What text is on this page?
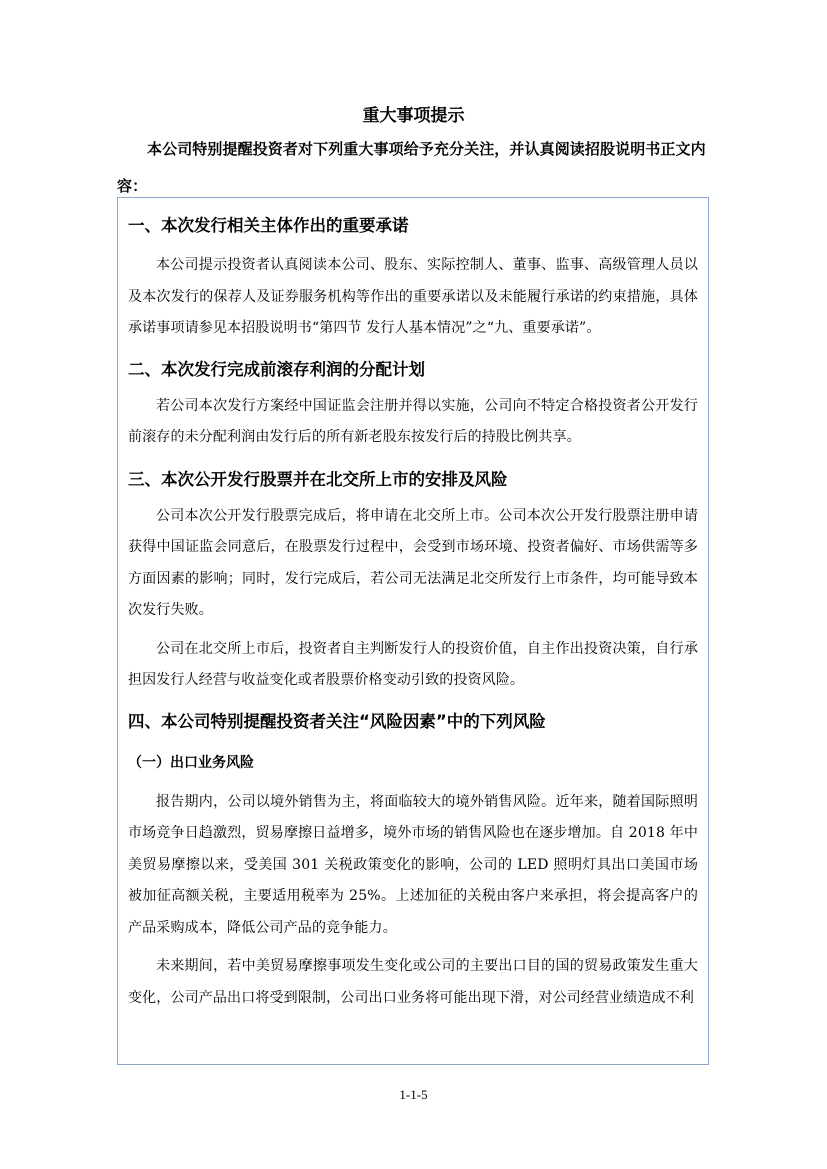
重大事项提示
本公司特别提醒投资者对下列重大事项给予充分关注，并认真阅读招股说明书正文内容：
一、本次发行相关主体作出的重要承诺
本公司提示投资者认真阅读本公司、股东、实际控制人、董事、监事、高级管理人员以及本次发行的保荐人及证券服务机构等作出的重要承诺以及未能履行承诺的约束措施，具体承诺事项请参见本招股说明书“第四节 发行人基本情况”之“九、重要承诺”。
二、本次发行完成前滚存利润的分配计划
若公司本次发行方案经中国证监会注册并得以实施，公司向不特定合格投资者公开发行前滚存的未分配利润由发行后的所有新老股东按发行后的持股比例共享。
三、本次公开发行股票并在北交所上市的安排及风险
公司本次公开发行股票完成后，将申请在北交所上市。公司本次公开发行股票注册申请获得中国证监会同意后，在股票发行过程中，会受到市场环境、投资者偏好、市场供需等多方面因素的影响；同时，发行完成后，若公司无法满足北交所发行上市条件，均可能导致本次发行失败。
公司在北交所上市后，投资者自主判断发行人的投资价值，自主作出投资决策，自行承担因发行人经营与收益变化或者股票价格变动引致的投资风险。
四、本公司特别提醒投资者关注“风险因素”中的下列风险
（一）出口业务风险
报告期内，公司以境外销售为主，将面临较大的境外销售风险。近年来，随着国际照明市场竞争日趋激烈，贸易摩擦日益增多，境外市场的销售风险也在逐步增加。自 2018 年中美贸易摩擦以来，受美国 301 关税政策变化的影响，公司的 LED 照明灯具出口美国市场被加征高额关税，主要适用税率为 25%。上述加征的关税由客户来承担，将会提高客户的产品采购成本，降低公司产品的竞争能力。
未来期间，若中美贸易摩擦事项发生变化或公司的主要出口目的国的贸易政策发生重大变化，公司产品出口将受到限制，公司出口业务将可能出现下滑，对公司经营业绩造成不利
1-1-5
